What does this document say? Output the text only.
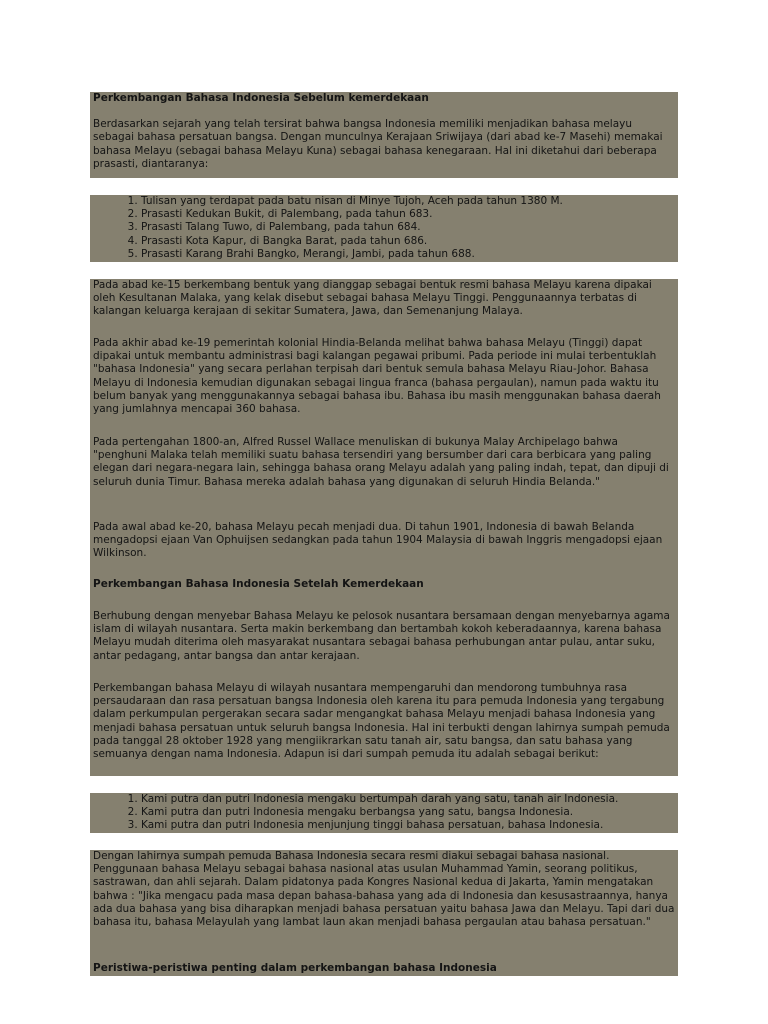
Perkembangan Bahasa Indonesia Sebelum kemerdekaan

Berdasarkan sejarah yang telah tersirat bahwa bangsa Indonesia memiliki menjadikan bahasa melayu sebagai bahasa persatuan bangsa. Dengan munculnya Kerajaan Sriwijaya (dari abad ke-7 Masehi) memakai bahasa Melayu (sebagai bahasa Melayu Kuna) sebagai bahasa kenegaraan. Hal ini diketahui dari beberapa prasasti, diantaranya:

1. Tulisan yang terdapat pada batu nisan di Minye Tujoh, Aceh pada tahun 1380 M.
2. Prasasti Kedukan Bukit, di Palembang, pada tahun 683.
3. Prasasti Talang Tuwo, di Palembang, pada tahun 684.
4. Prasasti Kota Kapur, di Bangka Barat, pada tahun 686.
5. Prasasti Karang Brahi Bangko, Merangi, Jambi, pada tahun 688.

Pada abad ke-15 berkembang bentuk yang dianggap sebagai bentuk resmi bahasa Melayu karena dipakai oleh Kesultanan Malaka, yang kelak disebut sebagai bahasa Melayu Tinggi. Penggunaannya terbatas di kalangan keluarga kerajaan di sekitar Sumatera, Jawa, dan Semenanjung Malaya.

Pada akhir abad ke-19 pemerintah kolonial Hindia-Belanda melihat bahwa bahasa Melayu (Tinggi) dapat dipakai untuk membantu administrasi bagi kalangan pegawai pribumi. Pada periode ini mulai terbentuklah "bahasa Indonesia" yang secara perlahan terpisah dari bentuk semula bahasa Melayu Riau-Johor. Bahasa Melayu di Indonesia kemudian digunakan sebagai lingua franca (bahasa pergaulan), namun pada waktu itu belum banyak yang menggunakannya sebagai bahasa ibu. Bahasa ibu masih menggunakan bahasa daerah yang jumlahnya mencapai 360 bahasa.

Pada pertengahan 1800-an, Alfred Russel Wallace menuliskan di bukunya Malay Archipelago bahwa "penghuni Malaka telah memiliki suatu bahasa tersendiri yang bersumber dari cara berbicara yang paling elegan dari negara-negara lain, sehingga bahasa orang Melayu adalah yang paling indah, tepat, dan dipuji di seluruh dunia Timur. Bahasa mereka adalah bahasa yang digunakan di seluruh Hindia Belanda."

Pada awal abad ke-20, bahasa Melayu pecah menjadi dua. Di tahun 1901, Indonesia di bawah Belanda mengadopsi ejaan Van Ophuijsen sedangkan pada tahun 1904 Malaysia di bawah Inggris mengadopsi ejaan Wilkinson.

Perkembangan Bahasa Indonesia Setelah Kemerdekaan

Berhubung dengan menyebar Bahasa Melayu ke pelosok nusantara bersamaan dengan menyebarnya agama islam di wilayah nusantara. Serta makin berkembang dan bertambah kokoh keberadaannya, karena bahasa Melayu mudah diterima oleh masyarakat nusantara sebagai bahasa perhubungan antar pulau, antar suku, antar pedagang, antar bangsa dan antar kerajaan.

Perkembangan bahasa Melayu di wilayah nusantara mempengaruhi dan mendorong tumbuhnya rasa persaudaraan dan rasa persatuan bangsa Indonesia oleh karena itu para pemuda Indonesia yang tergabung dalam perkumpulan pergerakan secara sadar mengangkat bahasa Melayu menjadi bahasa Indonesia yang menjadi bahasa persatuan untuk seluruh bangsa Indonesia. Hal ini terbukti dengan lahirnya sumpah pemuda pada tanggal 28 oktober 1928 yang mengiikrarkan satu tanah air, satu bangsa, dan satu bahasa yang semuanya dengan nama Indonesia. Adapun isi dari sumpah pemuda itu adalah sebagai berikut:

1. Kami putra dan putri Indonesia mengaku bertumpah darah yang satu, tanah air Indonesia.
2. Kami putra dan putri Indonesia mengaku berbangsa yang satu, bangsa Indonesia.
3. Kami putra dan putri Indonesia menjunjung tinggi bahasa persatuan, bahasa Indonesia.

Dengan lahirnya sumpah pemuda Bahasa Indonesia secara resmi diakui sebagai bahasa nasional. Penggunaan bahasa Melayu sebagai bahasa nasional atas usulan Muhammad Yamin, seorang politikus, sastrawan, dan ahli sejarah. Dalam pidatonya pada Kongres Nasional kedua di Jakarta, Yamin mengatakan bahwa : "Jika mengacu pada masa depan bahasa-bahasa yang ada di Indonesia dan kesusastraannya, hanya ada dua bahasa yang bisa diharapkan menjadi bahasa persatuan yaitu bahasa Jawa dan Melayu. Tapi dari dua bahasa itu, bahasa Melayulah yang lambat laun akan menjadi bahasa pergaulan atau bahasa persatuan."

Peristiwa-peristiwa penting dalam perkembangan bahasa Indonesia
